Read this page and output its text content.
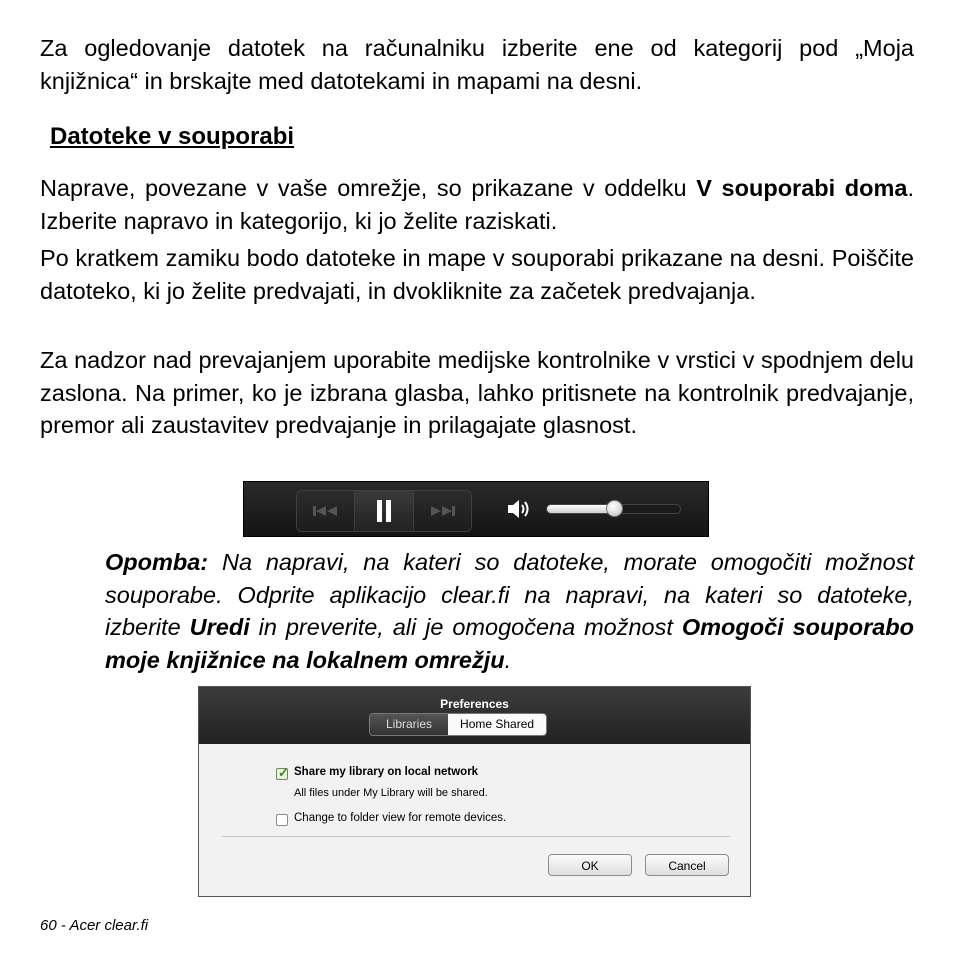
Za ogledovanje datotek na računalniku izberite ene od kategorij pod „Moja knjižnica“ in brskajte med datotekami in mapami na desni.

Datoteke v souporabi

Naprave, povezane v vaše omrežje, so prikazane v oddelku V souporabi doma. Izberite napravo in kategorijo, ki jo želite raziskati.

Po kratkem zamiku bodo datoteke in mape v souporabi prikazane na desni. Poiščite datoteko, ki jo želite predvajati, in dvokliknite za začetek predvajanja.

Za nadzor nad prevajanjem uporabite medijske kontrolnike v vrstici v spodnjem delu zaslona. Na primer, ko je izbrana glasba, lahko pritisnete na kontrolnik predvajanje, premor ali zaustavitev predvajanje in prilagajate glasnost.

Opomba: Na napravi, na kateri so datoteke, morate omogočiti možnost souporabe. Odprite aplikacijo clear.fi na napravi, na kateri so datoteke, izberite Uredi in preverite, ali je omogočena možnost Omogoči souporabo moje knjižnice na lokalnem omrežju.

Preferences
Libraries	Home Shared
✓ Share my library on local network
All files under My Library will be shared.
Change to folder view for remote devices.
OK	Cancel
60 - Acer clear.fi
